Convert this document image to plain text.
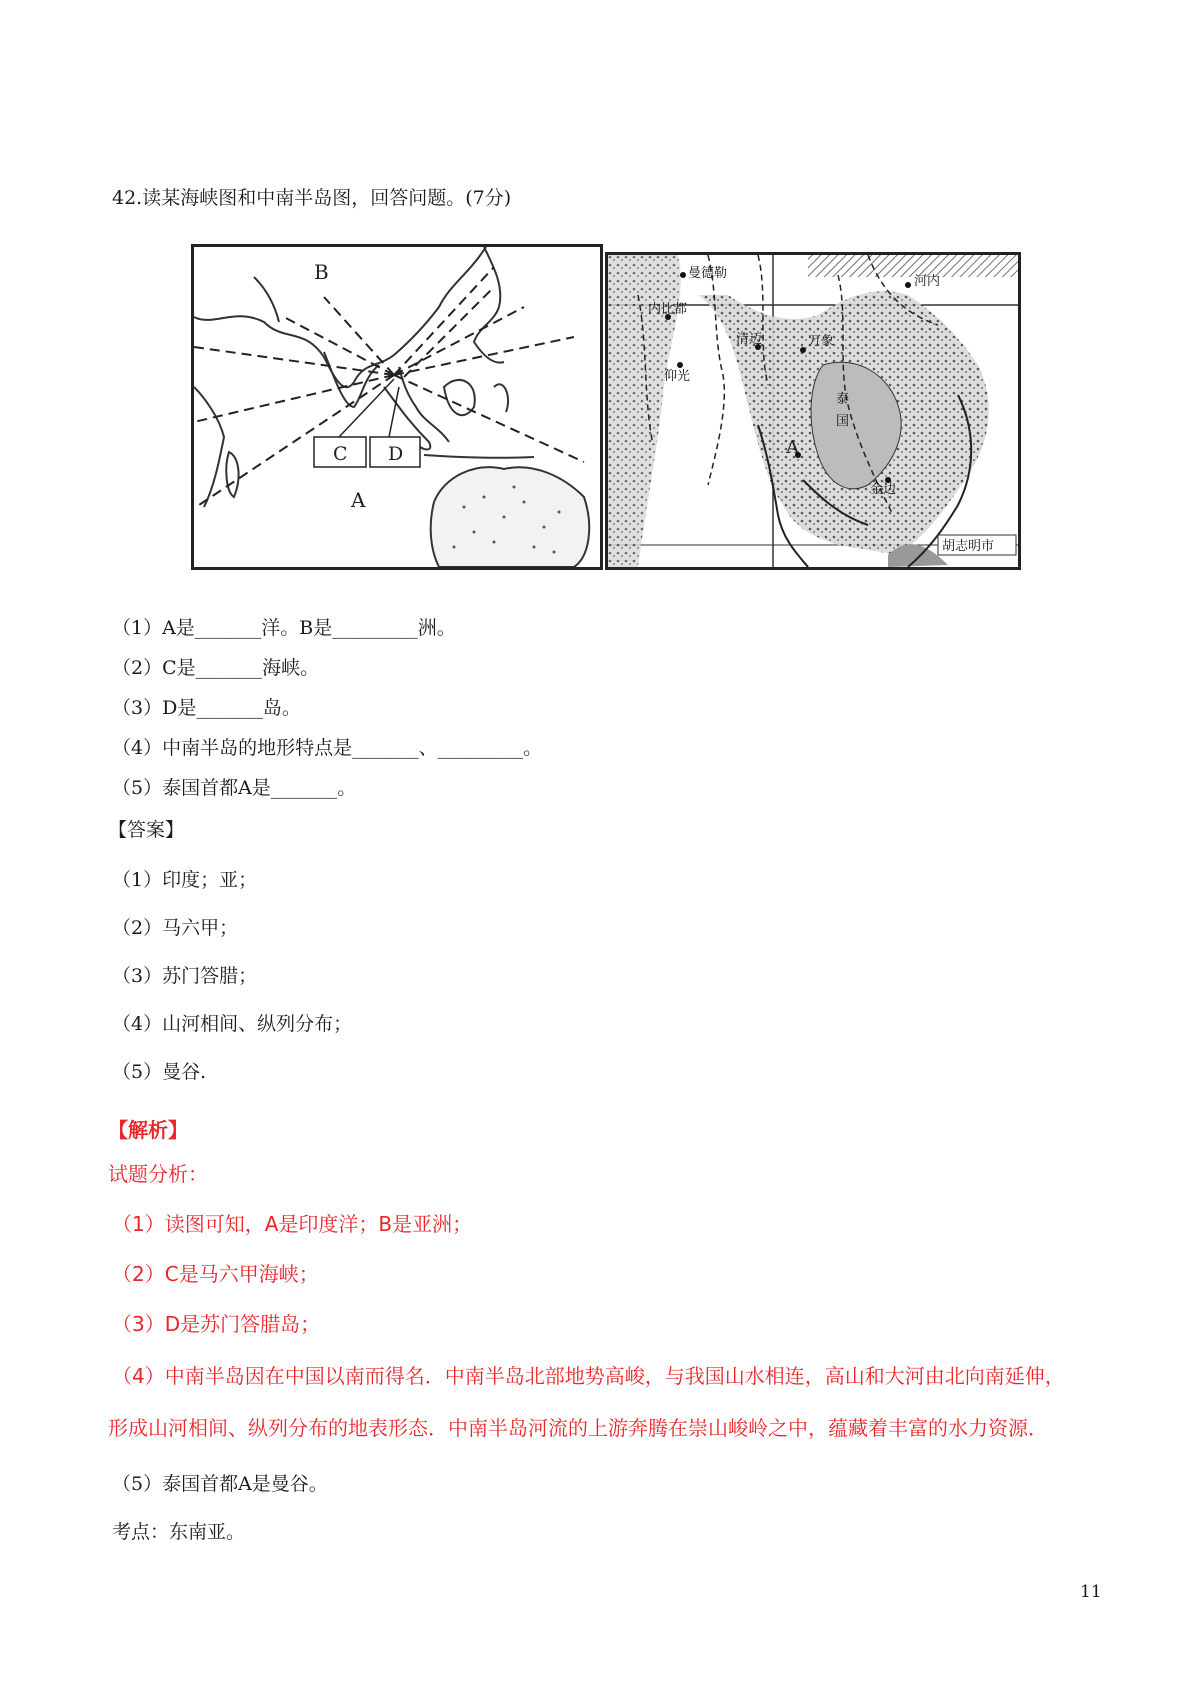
42.读某海峡图和中南半岛图，回答问题。(7分)
B
C D
A
曼德勒
内比都
仰光
清迈	万象
A
国
泰
金边
河内
胡志明市
（1）A是_______洋。B是_________洲。
（2）C是_______海峡。
（3）D是_______岛。
（4）中南半岛的地形特点是_______、_________。
（5）泰国首都A是_______。
【答案】
（1）印度；亚；
（2）马六甲；
（3）苏门答腊；
（4）山河相间、纵列分布；
（5）曼谷.
【解析】
试题分析：
（1）读图可知，A是印度洋；B是亚洲；
（2）C是马六甲海峡；
（3）D是苏门答腊岛；
（4）中南半岛因在中国以南而得名．中南半岛北部地势高峻，与我国山水相连，高山和大河由北向南延伸，
形成山河相间、纵列分布的地表形态．中南半岛河流的上游奔腾在崇山峻岭之中，蕴藏着丰富的水力资源．
（5）泰国首都A是曼谷。
考点：东南亚。
11
